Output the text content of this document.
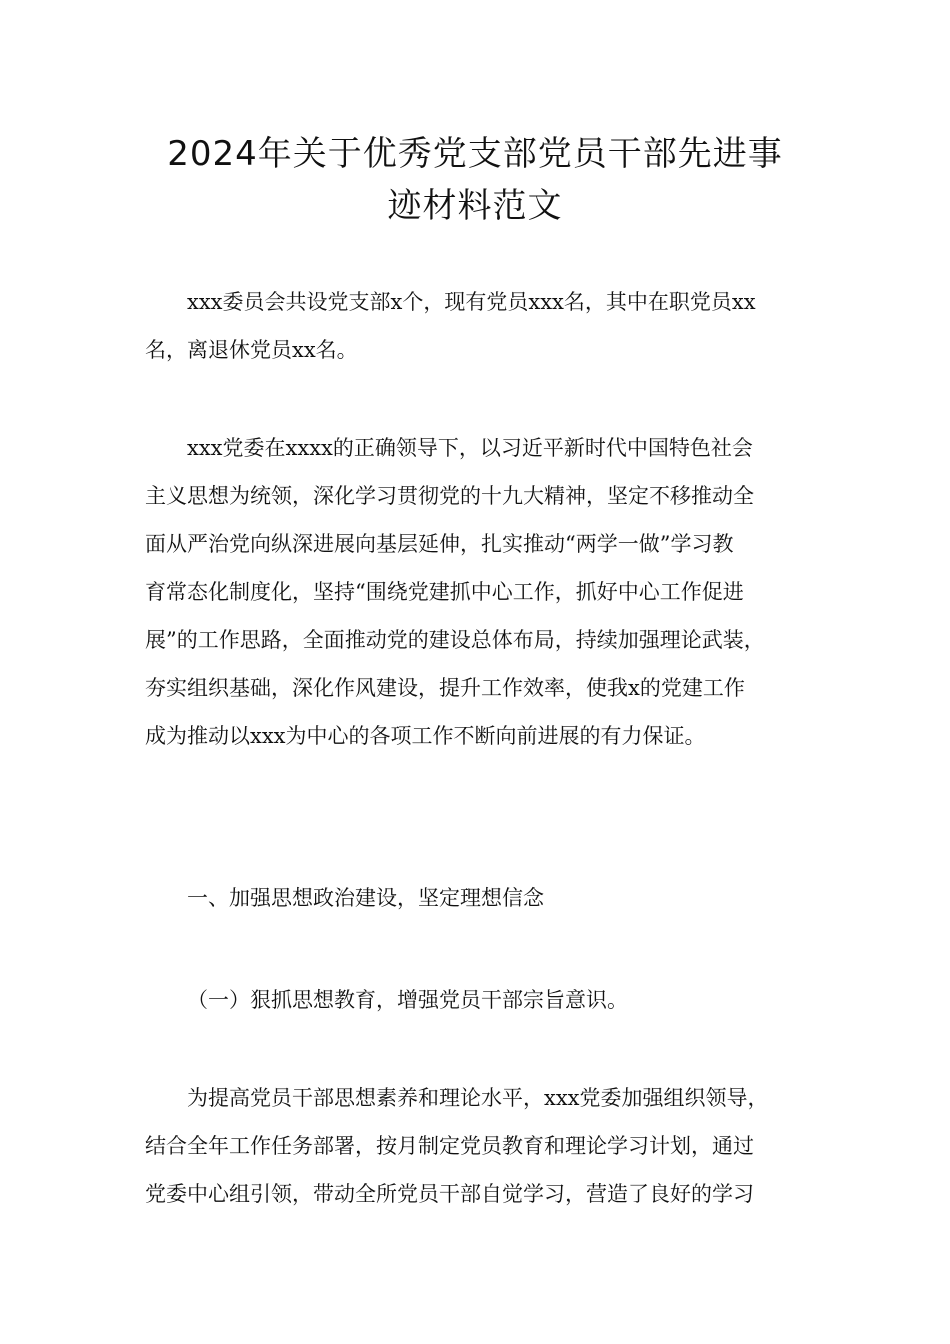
2024年关于优秀党支部党员干部先进事
迹材料范文

xxx委员会共设党支部x个，现有党员xxx名，其中在职党员xx
名，离退休党员xx名。

xxx党委在xxxx的正确领导下，以习近平新时代中国特色社会
主义思想为统领，深化学习贯彻党的十九大精神，坚定不移推动全
面从严治党向纵深进展向基层延伸，扎实推动“两学一做”学习教
育常态化制度化，坚持“围绕党建抓中心工作，抓好中心工作促进
展”的工作思路，全面推动党的建设总体布局，持续加强理论武装，
夯实组织基础，深化作风建设，提升工作效率，使我x的党建工作
成为推动以xxx为中心的各项工作不断向前进展的有力保证。

一、加强思想政治建设，坚定理想信念

（一）狠抓思想教育，增强党员干部宗旨意识。

为提高党员干部思想素养和理论水平，xxx党委加强组织领导，
结合全年工作任务部署，按月制定党员教育和理论学习计划，通过
党委中心组引领，带动全所党员干部自觉学习，营造了良好的学习
